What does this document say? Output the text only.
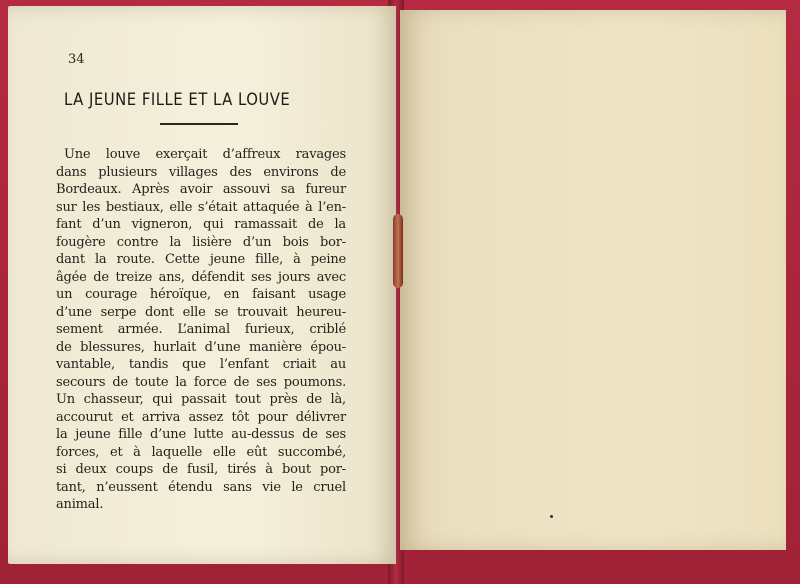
34
LA JEUNE FILLE ET LA LOUVE
Une louve exerçait d’affreux ravages
dans plusieurs villages des environs de
Bordeaux. Après avoir assouvi sa fureur
sur les bestiaux, elle s’était attaquée à l’en-
fant d’un vigneron, qui ramassait de la
fougère contre la lisière d’un bois bor-
dant la route. Cette jeune fille, à peine
âgée de treize ans, défendit ses jours avec
un courage héroïque, en faisant usage
d’une serpe dont elle se trouvait heureu-
sement armée. L’animal furieux, criblé
de blessures, hurlait d’une manière épou-
vantable, tandis que l’enfant criait au
secours de toute la force de ses poumons.
Un chasseur, qui passait tout près de là,
accourut et arriva assez tôt pour délivrer
la jeune fille d’une lutte au-dessus de ses
forces, et à laquelle elle eût succombé,
si deux coups de fusil, tirés à bout por-
tant, n’eussent étendu sans vie le cruel
animal.
